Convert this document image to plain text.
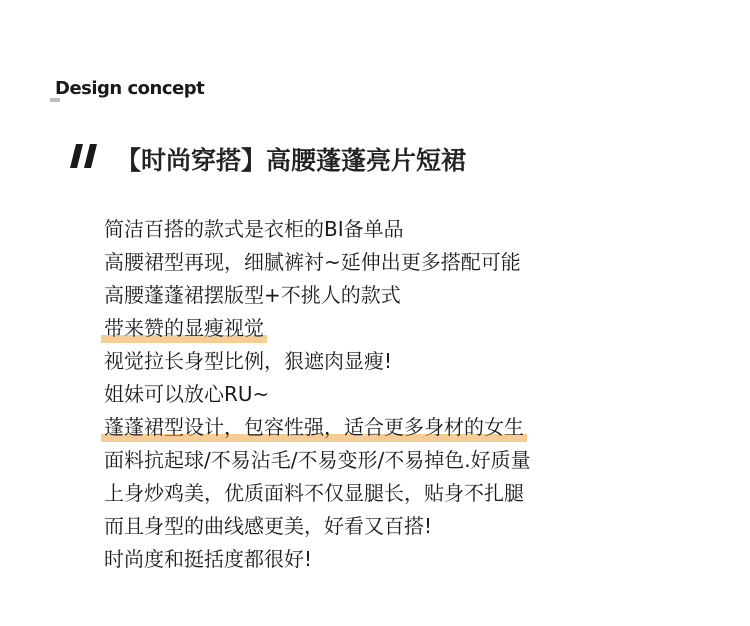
Design concept
【时尚穿搭】高腰蓬蓬亮片短裙
简洁百搭的款式是衣柜的BI备单品
高腰裙型再现，细腻裤衬~延伸出更多搭配可能
高腰蓬蓬裙摆版型+不挑人的款式
带来赞的显瘦视觉
视觉拉长身型比例，狠遮肉显瘦!
姐妹可以放心RU~
蓬蓬裙型设计，包容性强，适合更多身材的女生
面料抗起球/不易沾毛/不易变形/不易掉色.好质量
上身炒鸡美，优质面料不仅显腿长，贴身不扎腿
而且身型的曲线感更美，好看又百搭!
时尚度和挺括度都很好!
